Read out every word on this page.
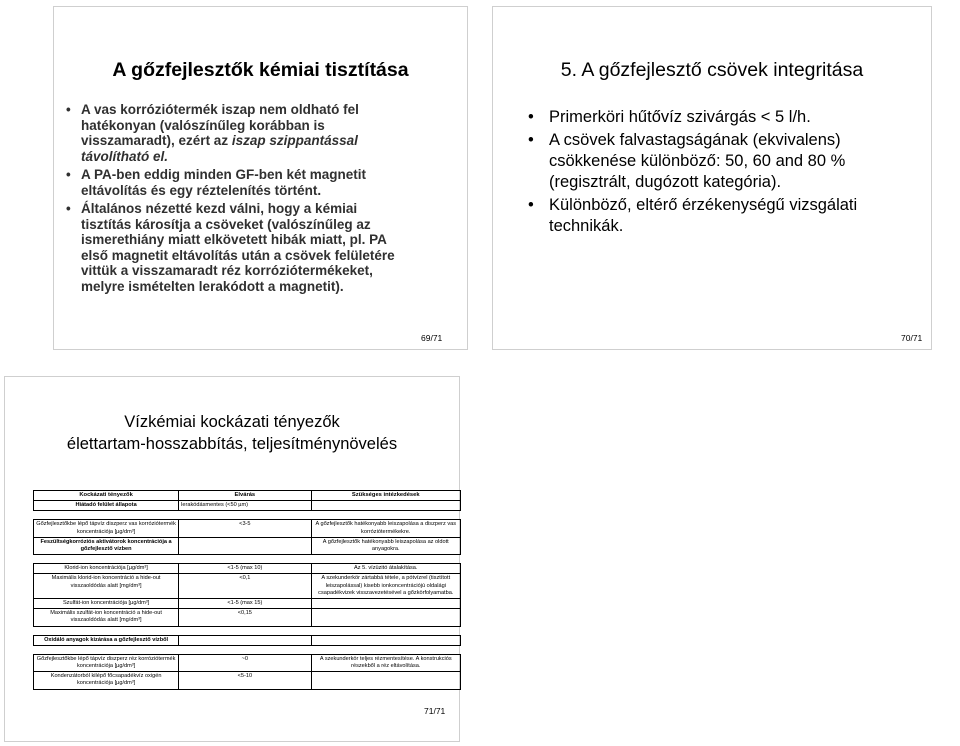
A gőzfejlesztők kémiai tisztítása
• A vas korróziótermék iszap nem oldható fel hatékonyan (valószínűleg korábban is visszamaradt), ezért az iszap szippantással távolítható el.
• A PA-ben eddig minden GF-ben két magnetit eltávolítás és egy réztelenítés történt.
• Általános nézetté kezd válni, hogy a kémiai tisztítás károsítja a csöveket (valószínűleg az ismerethiány miatt elkövetett hibák miatt, pl. PA első magnetit eltávolítás után a csövek felületére vittük a visszamaradt réz korróziótermékeket, melyre ismételten lerakódott a magnetit).
69/71
5. A gőzfejlesztő csövek integritása
• Primerköri hűtővíz szivárgás < 5 l/h.
• A csövek falvastagságának (ekvivalens) csökkenése különböző: 50, 60 and 80 % (regisztrált, dugózott kategória).
• Különböző, eltérő érzékenységű vizsgálati technikák.
70/71
Vízkémiai kockázati tényezők
élettartam-hosszabbítás, teljesítménynövelés
Kockázati tényezők	Elvárás	Szükséges intézkedések
Hiátadó felület állapota	lerakódásmentes (<50 µm)	

Gőzfejlesztőkbe lépő tápvíz diszperz vas korróziótermék koncentrációja [µg/dm³]	<3-5	A gőzfejlesztők hatékonyabb leiszapolása a diszperz vas korróziótermékekre.
Feszültségkorróziós aktivátorok koncentrációja a gőzfejlesztő vízben		A gőzfejlesztők hatékonyabb leiszapolása az oldott anyagokra.

Klorid-ion koncentrációja [µg/dm³]	<1-5 (max 10)	Az 5. vízüzitó átalakítása.
Maximális klorid-ion koncentráció a hide-out visszaoldódás alatt [mg/dm³]	<0,1	A szekunderkör zártabbá tétele, a pótvízrel (tisztított leiszapolással) kisebb ionkoncentrációjú oldalági csapadékvizek visszavezetésével a gőzkörfolyamatba.
Szulfát-ion koncentrációja [µg/dm³]	<1-5 (max 15)	
Maximális szulfát-ion koncentráció a hide-out visszaoldódás alatt [mg/dm³]	<0,15	

Oxidáló anyagok kizárása a gőzfejlesztő vízből		

Gőzfejlesztőkbe lépő tápvíz diszperz réz korróziótermék koncentrációja [µg/dm³]	~0	A szekunderkör teljes rézmentesítése. A konstrukciós részekből a réz eltávolítása.
Kondenzátorból kilépő főcsapadékvíz oxigén koncentrációja [µg/dm³]	<5-10	
71/71
